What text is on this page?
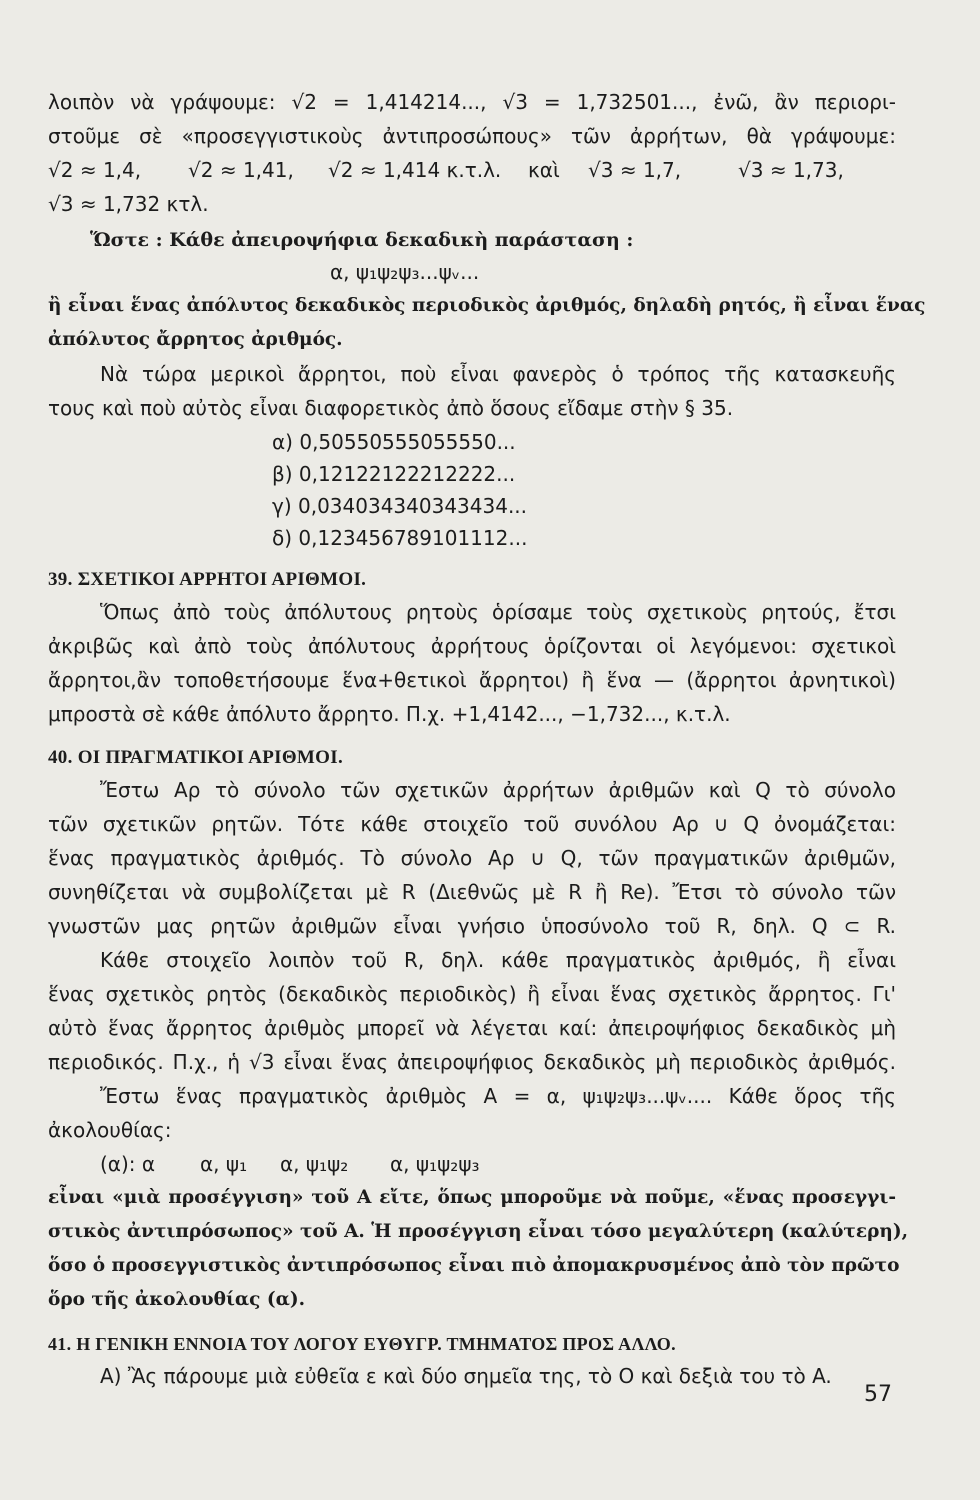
λοιπὸν νὰ γράψουμε: √2 = 1,414214..., √3 = 1,732501..., ἐνῶ, ἂν περιορι-
στοῦμε σὲ «προσεγγιστικοὺς ἀντιπροσώπους» τῶν ἀρρήτων, θὰ γράψουμε:
√2 ≈ 1,4, √2 ≈ 1,41, √2 ≈ 1,414 κ.τ.λ. καὶ √3 ≈ 1,7,	√3 ≈ 1,73,
√3 ≈ 1,732 κτλ.
Ὥστε : Κάθε ἀπειροψήφια δεκαδικὴ παράσταση :
α, ψ₁ψ₂ψ₃...ψᵥ...
ἢ εἶναι ἕνας ἀπόλυτος δεκαδικὸς περιοδικὸς ἀριθμός, δηλαδὴ ρητός, ἢ εἶναι ἕνας
ἀπόλυτος ἄρρητος ἀριθμός.
Νὰ τώρα μερικοὶ ἄρρητοι, ποὺ εἶναι φανερὸς ὁ τρόπος τῆς κατασκευῆς
τους καὶ ποὺ αὐτὸς εἶναι διαφορετικὸς ἀπὸ ὅσους εἴδαμε στὴν § 35.
α) 0,50550555055550...
β) 0,12122122212222...
γ) 0,034034340343434...
δ) 0,123456789101112...
39. ΣΧΕΤΙΚΟΙ ΑΡΡΗΤΟΙ ΑΡΙΘΜΟΙ.
Ὅπως ἀπὸ τοὺς ἀπόλυτους ρητοὺς ὁρίσαμε τοὺς σχετικοὺς ρητούς, ἔτσι
ἀκριβῶς καὶ ἀπὸ τοὺς ἀπόλυτους ἀρρήτους ὁρίζονται οἱ λεγόμενοι: σχετικοὶ
ἄρρητοι,ἂν τοποθετήσουμε ἕνα+θετικοὶ ἄρρητοι) ἢ ἕνα — (ἄρρητοι ἀρνητικοὶ)
μπροστὰ σὲ κάθε ἀπόλυτο ἄρρητο. Π.χ. +1,4142..., −1,732..., κ.τ.λ.
40. ΟΙ ΠΡΑΓΜΑΤΙΚΟΙ ΑΡΙΘΜΟΙ.
Ἔστω Aρ τὸ σύνολο τῶν σχετικῶν ἀρρήτων ἀριθμῶν καὶ Q τὸ σύνολο
τῶν σχετικῶν ρητῶν. Τότε κάθε στοιχεῖο τοῦ συνόλου Aρ ∪ Q ὀνομάζεται:
ἕνας πραγματικὸς ἀριθμός. Τὸ σύνολο Aρ ∪ Q, τῶν πραγματικῶν ἀριθμῶν,
συνηθίζεται νὰ συμβολίζεται μὲ R (Διεθνῶς μὲ R ἢ Re). Ἔτσι τὸ σύνολο τῶν
γνωστῶν μας ρητῶν ἀριθμῶν εἶναι γνήσιο ὑποσύνολο τοῦ R, δηλ. Q ⊂ R.
Κάθε στοιχεῖο λοιπὸν τοῦ R, δηλ. κάθε πραγματικὸς ἀριθμός, ἢ εἶναι
ἕνας σχετικὸς ρητὸς (δεκαδικὸς περιοδικὸς) ἢ εἶναι ἕνας σχετικὸς ἄρρητος. Γι'
αὐτὸ ἕνας ἄρρητος ἀριθμὸς μπορεῖ νὰ λέγεται καί: ἀπειροψήφιος δεκαδικὸς μὴ
περιοδικός. Π.χ., ἡ √3 εἶναι ἕνας ἀπειροψήφιος δεκαδικὸς μὴ περιοδικὸς ἀριθμός.
Ἔστω ἕνας πραγματικὸς ἀριθμὸς A = α, ψ₁ψ₂ψ₃...ψᵥ.... Κάθε ὅρος τῆς
ἀκολουθίας:
(α): α α, ψ₁ α, ψ₁ψ₂ α, ψ₁ψ₂ψ₃
εἶναι «μιὰ προσέγγιση» τοῦ A εἴτε, ὅπως μποροῦμε νὰ ποῦμε, «ἕνας προσεγγι-
στικὸς ἀντιπρόσωπος» τοῦ A. Ἡ προσέγγιση εἶναι τόσο μεγαλύτερη (καλύτερη),
ὅσο ὁ προσεγγιστικὸς ἀντιπρόσωπος εἶναι πιὸ ἀπομακρυσμένος ἀπὸ τὸν πρῶτο
ὅρο τῆς ἀκολουθίας (α).
41. Η ΓΕΝΙΚΗ ΕΝΝΟΙΑ ΤΟΥ ΛΟΓΟΥ ΕΥΘΥΓΡ. ΤΜΗΜΑΤΟΣ ΠΡΟΣ ΑΛΛΟ.
A) Ἂς πάρουμε μιὰ εὐθεῖα ε καὶ δύο σημεῖα της, τὸ O καὶ δεξιὰ του τὸ A.
57
